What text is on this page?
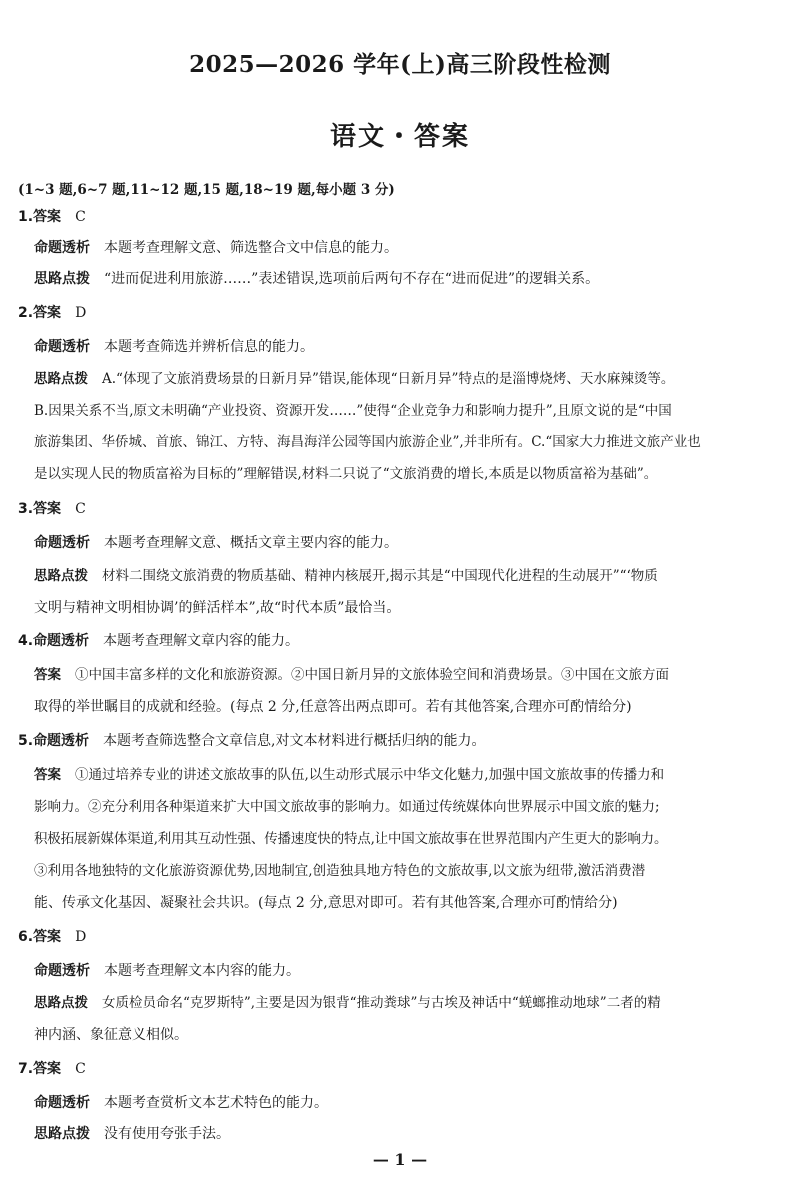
2025—2026 学年(上)高三阶段性检测
语文・答案
(1~3 题,6~7 题,11~12 题,15 题,18~19 题,每小题 3 分)
1.答案 C
命题透析 本题考查理解文意、筛选整合文中信息的能力。
思路点拨 “进而促进利用旅游……”表述错误,选项前后两句不存在“进而促进”的逻辑关系。
2.答案 D
命题透析 本题考查筛选并辨析信息的能力。
思路点拨 A.“体现了文旅消费场景的日新月异”错误,能体现“日新月异”特点的是淄博烧烤、天水麻辣烫等。
B.因果关系不当,原文未明确“产业投资、资源开发……”使得“企业竞争力和影响力提升”,且原文说的是“中国
旅游集团、华侨城、首旅、锦江、方特、海昌海洋公园等国内旅游企业”,并非所有。C.“国家大力推进文旅产业也
是以实现人民的物质富裕为目标的”理解错误,材料二只说了“文旅消费的增长,本质是以物质富裕为基础”。
3.答案 C
命题透析 本题考查理解文意、概括文章主要内容的能力。
思路点拨 材料二围绕文旅消费的物质基础、精神内核展开,揭示其是“中国现代化进程的生动展开”“‘物质
文明与精神文明相协调’的鲜活样本”,故“时代本质”最恰当。
4.命题透析 本题考查理解文章内容的能力。
答案 ①中国丰富多样的文化和旅游资源。②中国日新月异的文旅体验空间和消费场景。③中国在文旅方面
取得的举世瞩目的成就和经验。(每点 2 分,任意答出两点即可。若有其他答案,合理亦可酌情给分)
5.命题透析 本题考查筛选整合文章信息,对文本材料进行概括归纳的能力。
答案 ①通过培养专业的讲述文旅故事的队伍,以生动形式展示中华文化魅力,加强中国文旅故事的传播力和
影响力。②充分利用各种渠道来扩大中国文旅故事的影响力。如通过传统媒体向世界展示中国文旅的魅力;
积极拓展新媒体渠道,利用其互动性强、传播速度快的特点,让中国文旅故事在世界范围内产生更大的影响力。
③利用各地独特的文化旅游资源优势,因地制宜,创造独具地方特色的文旅故事,以文旅为纽带,激活消费潜
能、传承文化基因、凝聚社会共识。(每点 2 分,意思对即可。若有其他答案,合理亦可酌情给分)
6.答案 D
命题透析 本题考查理解文本内容的能力。
思路点拨 女质检员命名“克罗斯特”,主要是因为银背“推动粪球”与古埃及神话中“蜣螂推动地球”二者的精
神内涵、象征意义相似。
7.答案 C
命题透析 本题考查赏析文本艺术特色的能力。
思路点拨 没有使用夸张手法。
— 1 —
